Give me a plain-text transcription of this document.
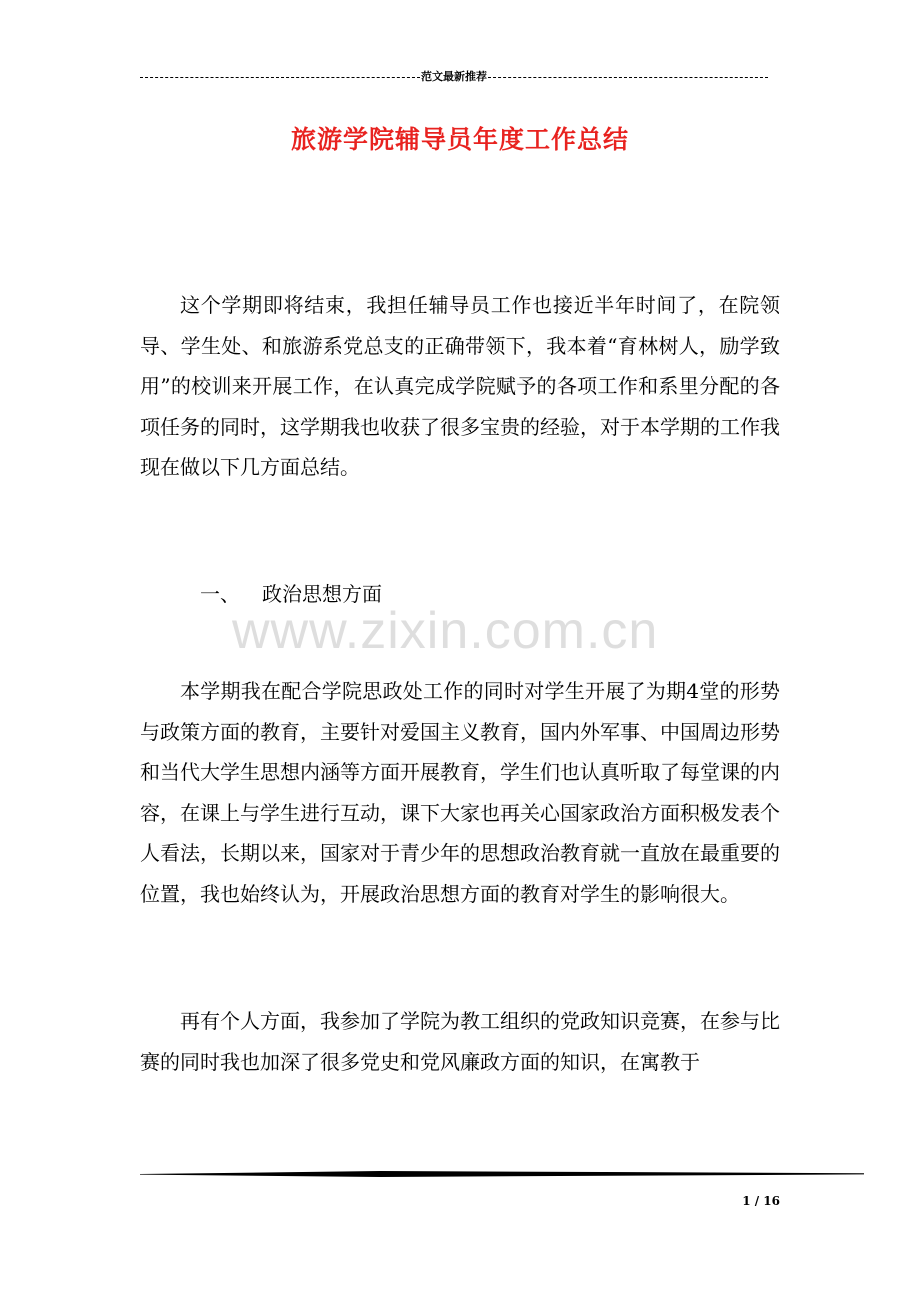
范文最新推荐
旅游学院辅导员年度工作总结

这个学期即将结束，我担任辅导员工作也接近半年时间了，在院领导、学生处、和旅游系党总支的正确带领下，我本着“育林树人，励学致用”的校训来开展工作，在认真完成学院赋予的各项工作和系里分配的各项任务的同时，这学期我也收获了很多宝贵的经验，对于本学期的工作我现在做以下几方面总结。

一、 政治思想方面

www.zixin.com.cn

本学期我在配合学院思政处工作的同时对学生开展了为期4堂的形势与政策方面的教育，主要针对爱国主义教育，国内外军事、中国周边形势和当代大学生思想内涵等方面开展教育，学生们也认真听取了每堂课的内容，在课上与学生进行互动，课下大家也再关心国家政治方面积极发表个人看法，长期以来，国家对于青少年的思想政治教育就一直放在最重要的位置，我也始终认为，开展政治思想方面的教育对学生的影响很大。

再有个人方面，我参加了学院为教工组织的党政知识竞赛，在参与比赛的同时我也加深了很多党史和党风廉政方面的知识，在寓教于

1 / 16
